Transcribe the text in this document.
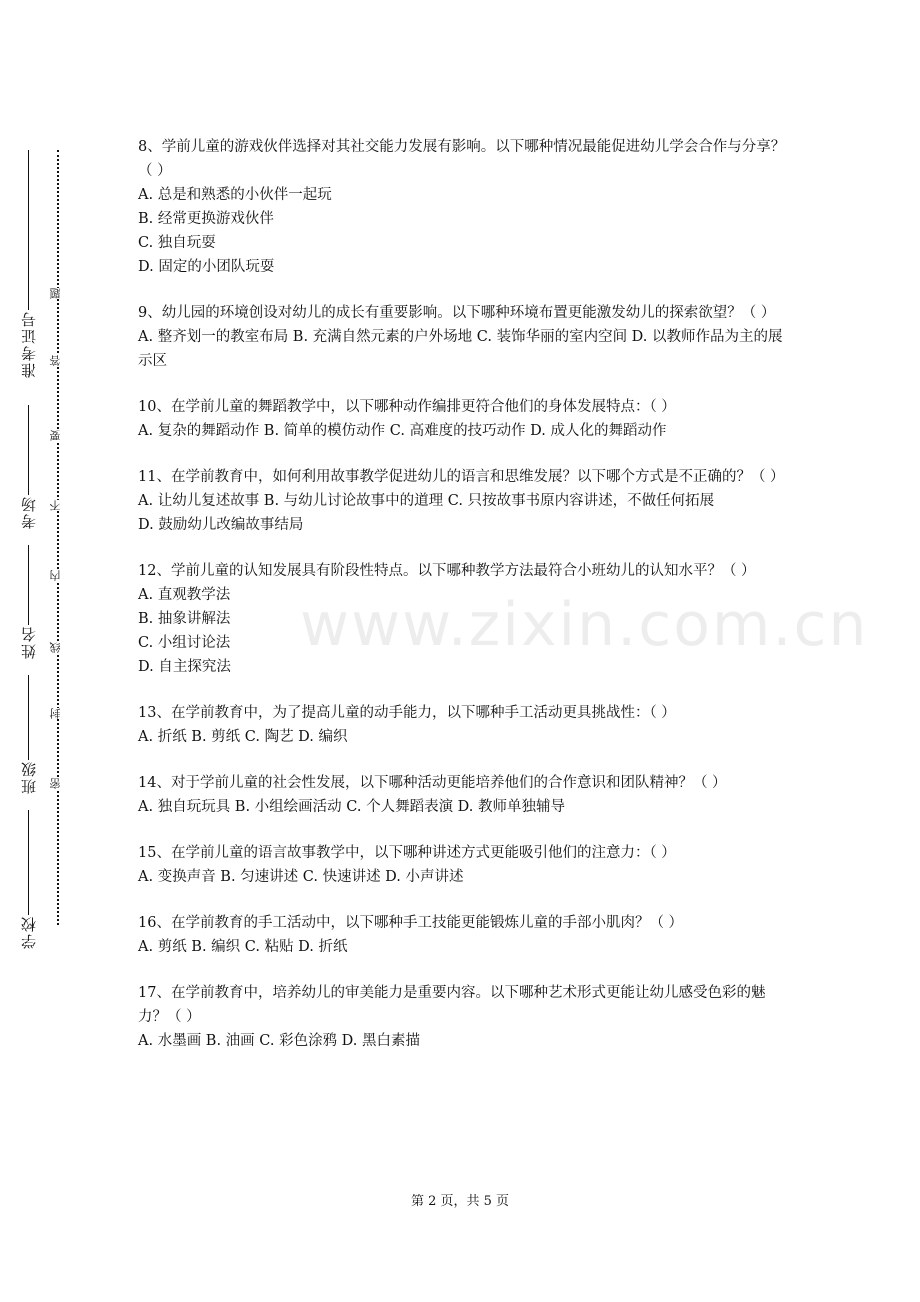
准考证号
考场
姓名
班级
学校
题
答
要
不
内
线
封
密
www.zixin.com.cn

8、学前儿童的游戏伙伴选择对其社交能力发展有影响。以下哪种情况最能促进幼儿学会合作与分享？（ ）

A. 总是和熟悉的小伙伴一起玩

B. 经常更换游戏伙伴

C. 独自玩耍

D. 固定的小团队玩耍

9、幼儿园的环境创设对幼儿的成长有重要影响。以下哪种环境布置更能激发幼儿的探索欲望？（ ）

A. 整齐划一的教室布局 B. 充满自然元素的户外场地 C. 装饰华丽的室内空间 D. 以教师作品为主的展示区

10、在学前儿童的舞蹈教学中，以下哪种动作编排更符合他们的身体发展特点：（ ）

A. 复杂的舞蹈动作 B. 简单的模仿动作 C. 高难度的技巧动作 D. 成人化的舞蹈动作

11、在学前教育中，如何利用故事教学促进幼儿的语言和思维发展？以下哪个方式是不正确的？（ ）

A. 让幼儿复述故事 B. 与幼儿讨论故事中的道理 C. 只按故事书原内容讲述，不做任何拓展

D. 鼓励幼儿改编故事结局

12、学前儿童的认知发展具有阶段性特点。以下哪种教学方法最符合小班幼儿的认知水平？（ ）

A. 直观教学法

B. 抽象讲解法

C. 小组讨论法

D. 自主探究法

13、在学前教育中，为了提高儿童的动手能力，以下哪种手工活动更具挑战性：（ ）

A. 折纸 B. 剪纸 C. 陶艺 D. 编织

14、对于学前儿童的社会性发展，以下哪种活动更能培养他们的合作意识和团队精神？（ ）

A. 独自玩玩具 B. 小组绘画活动 C. 个人舞蹈表演 D. 教师单独辅导

15、在学前儿童的语言故事教学中，以下哪种讲述方式更能吸引他们的注意力：（ ）

A. 变换声音 B. 匀速讲述 C. 快速讲述 D. 小声讲述

16、在学前教育的手工活动中，以下哪种手工技能更能锻炼儿童的手部小肌肉？（ ）

A. 剪纸 B. 编织 C. 粘贴 D. 折纸

17、在学前教育中，培养幼儿的审美能力是重要内容。以下哪种艺术形式更能让幼儿感受色彩的魅力？（ ）

A. 水墨画 B. 油画 C. 彩色涂鸦 D. 黑白素描

第 2 页，共 5 页
